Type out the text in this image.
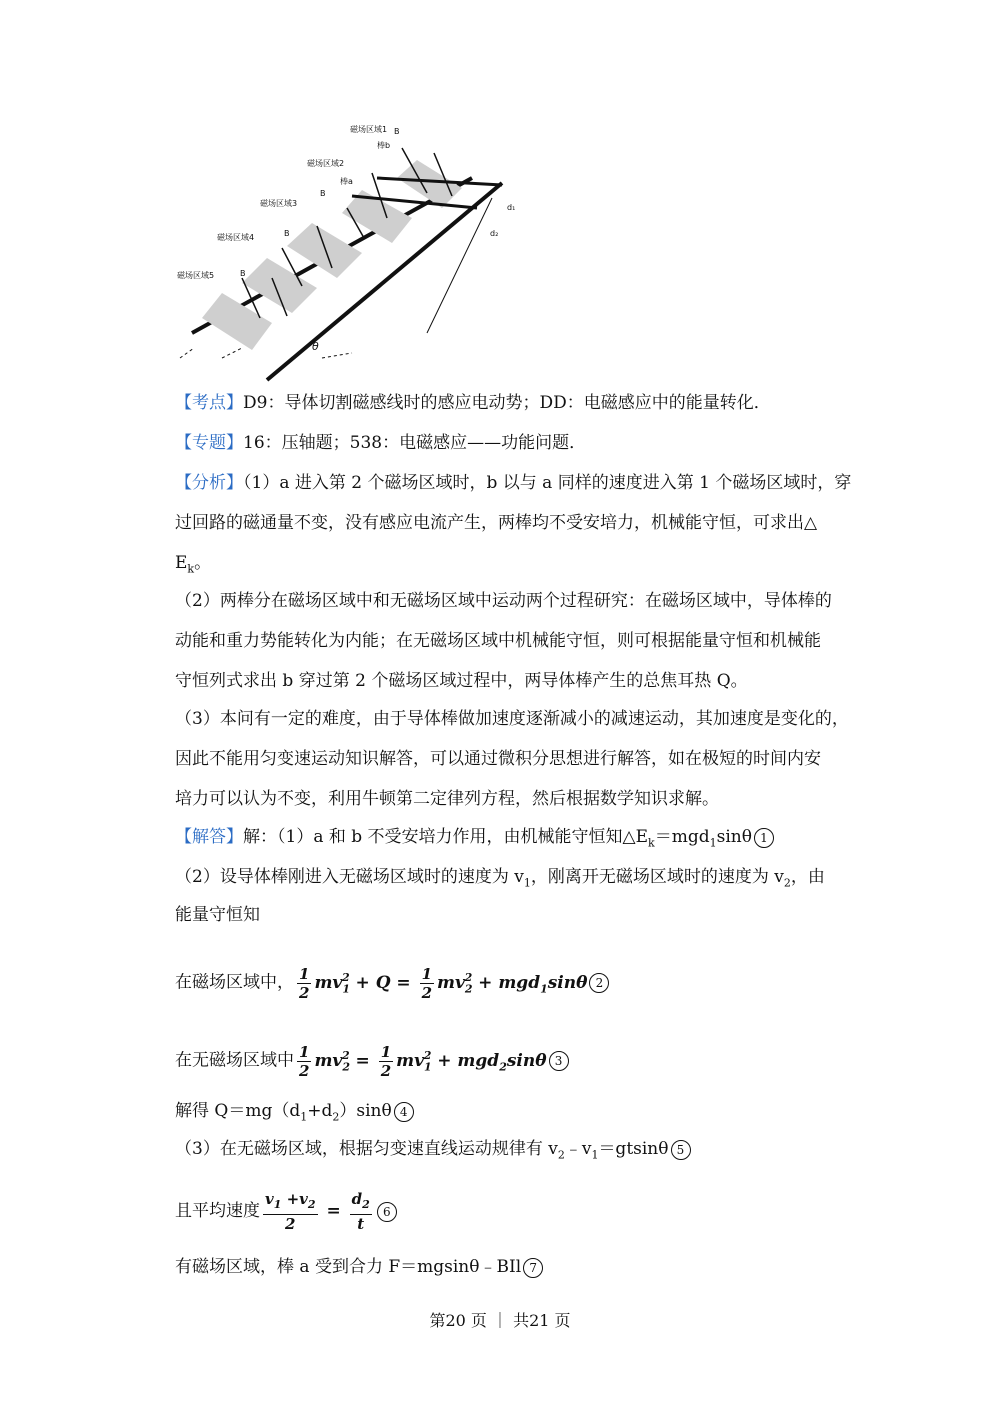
磁场区域1
磁场区域2
磁场区域3
磁场区域4
磁场区域5
棒b
棒a
B
B
B
B
d₁
d₂
θ
【考点】D9：导体切割磁感线时的感应电动势；DD：电磁感应中的能量转化．
【专题】16：压轴题；538：电磁感应——功能问题．
【分析】（1）a 进入第 2 个磁场区域时，b 以与 a 同样的速度进入第 1 个磁场区域时，穿
过回路的磁通量不变，没有感应电流产生，两棒均不受安培力，机械能守恒，可求出△
$E_k$。
（2）两棒分在磁场区域中和无磁场区域中运动两个过程研究：在磁场区域中，导体棒的
动能和重力势能转化为内能；在无磁场区域中机械能守恒，则可根据能量守恒和机械能
守恒列式求出 b 穿过第 2 个磁场区域过程中，两导体棒产生的总焦耳热 Q。
（3）本问有一定的难度，由于导体棒做加速度逐渐减小的减速运动，其加速度是变化的，
因此不能用匀变速运动知识解答，可以通过微积分思想进行解答，如在极短的时间内安
培力可以认为不变，利用牛顿第二定律列方程，然后根据数学知识求解。
【解答】解：（1）a 和 b 不受安培力作用，由机械能守恒知$\triangle E_k=mgd_1\sin\theta$ 1
（2）设导体棒刚进入无磁场区域时的速度为 $v_1$，刚离开无磁场区域时的速度为 $v_2$，由
能量守恒知
在磁场区域中， $\frac{1}{2} mv_1^2 + Q = \frac{1}{2} mv_2^2 + mgd_1\sin\theta$ 2
在无磁场区域中 $\frac{1}{2} mv_2^2 = \frac{1}{2} mv_1^2 + mgd_2\sin\theta$ 3
解得 $Q=mg(d_1+d_2)\sin\theta$ 4
（3）在无磁场区域，根据匀变速直线运动规律有 $v_2﹣v_1=gtsin\theta$ 5
且平均速度 $\frac{v_1 +v_2}{2} = \frac{d_2}{t} 6$
有磁场区域，棒 a 受到合力 F＝mgsinθ﹣BIl 7
第20 页 ｜ 共21 页
